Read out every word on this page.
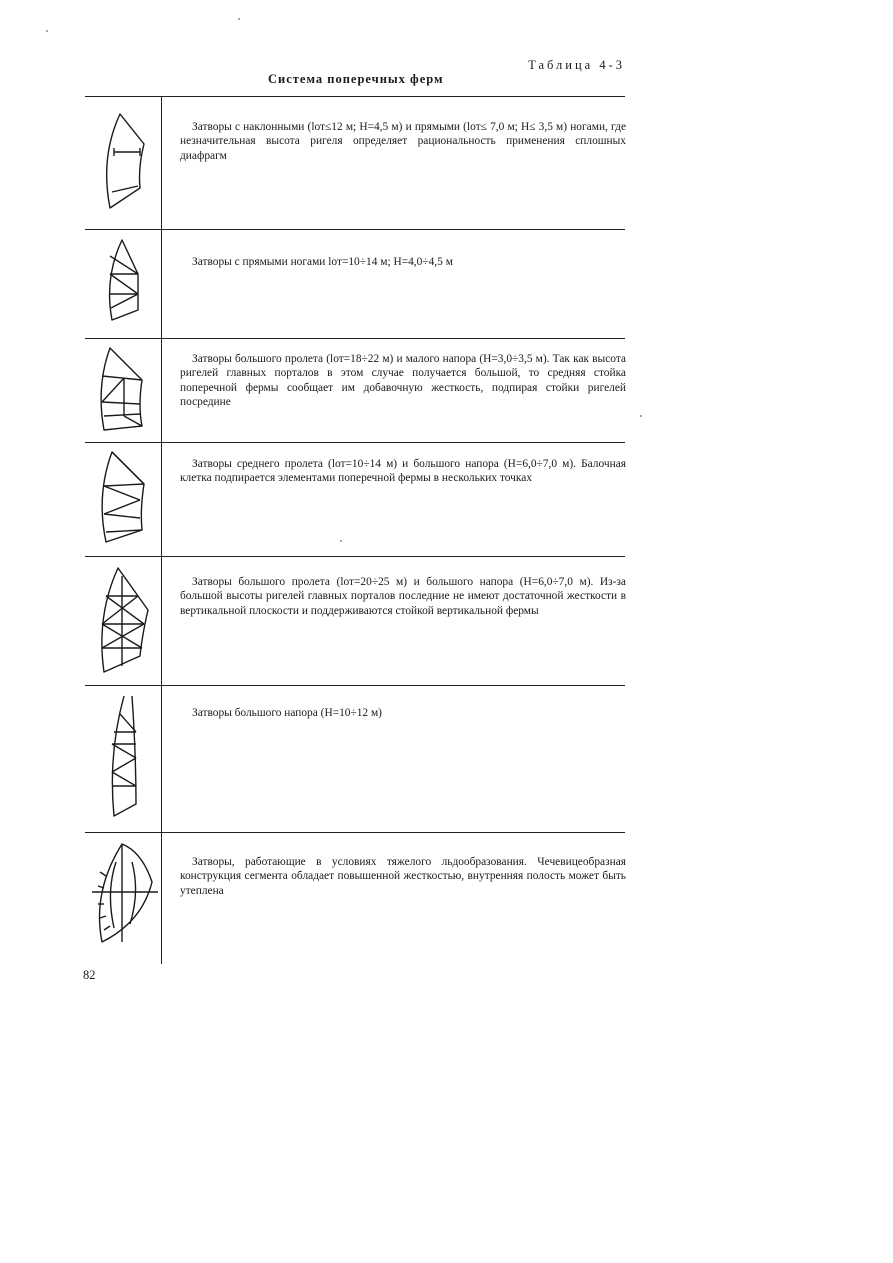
Таблица 4-3
Система поперечных ферм
Затворы с наклонными (lот≤12 м; H=4,5 м) и прямыми (lот≤ 7,0 м; H≤ 3,5 м) ногами, где незначительная высота ригеля определяет рациональность применения сплошных диафрагм
Затворы с прямыми ногами lот=10÷14 м; H=4,0÷4,5 м
Затворы большого пролета (lот=18÷22 м) и малого напора (H=3,0÷3,5 м). Так как высота ригелей главных порталов в этом случае получается большой, то средняя стойка поперечной фермы сообщает им добавочную жесткость, подпирая стойки ригелей посредине
Затворы среднего пролета (lот=10÷14 м) и большого напора (H=6,0÷7,0 м). Балочная клетка подпирается элементами поперечной фермы в нескольких точках
Затворы большого пролета (lот=20÷25 м) и большого напора (H=6,0÷7,0 м). Из-за большой высоты ригелей главных порталов последние не имеют достаточной жесткости в вертикальной плоскости и поддерживаются стойкой вертикальной фермы
Затворы большого напора (H=10÷12 м)
Затворы, работающие в условиях тяжелого льдообразования. Чечевицеобразная конструкция сегмента обладает повышенной жесткостью, внутренняя полость может быть утеплена
82
